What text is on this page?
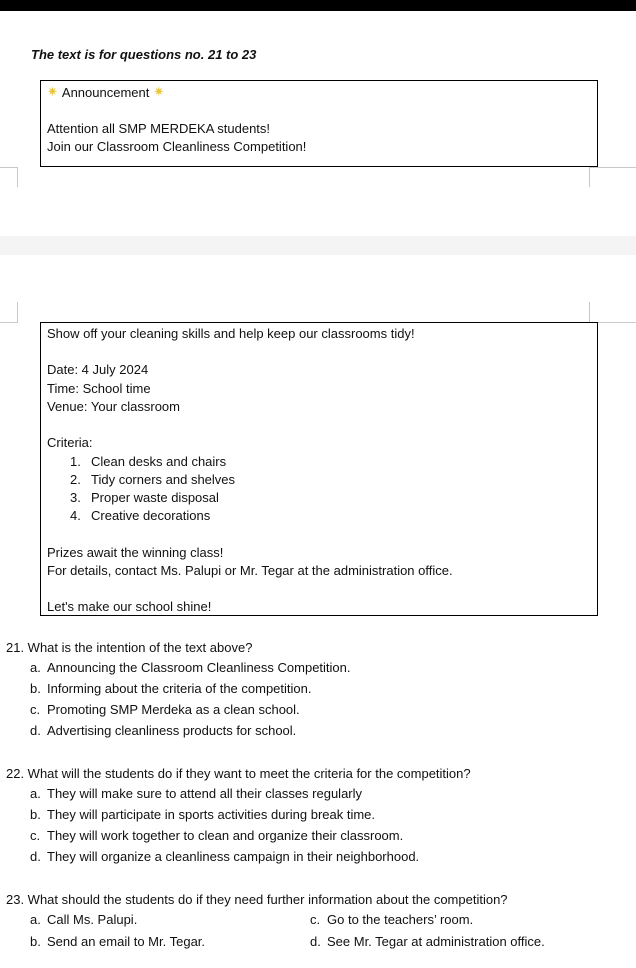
The text is for questions no. 21 to 23
✷ Announcement ✷
Attention all SMP MERDEKA students!
Join our Classroom Cleanliness Competition!
Show off your cleaning skills and help keep our classrooms tidy!
Date: 4 July 2024
Time: School time
Venue: Your classroom
Criteria:
1. Clean desks and chairs
2. Tidy corners and shelves
3. Proper waste disposal
4. Creative decorations
Prizes await the winning class!
For details, contact Ms. Palupi or Mr. Tegar at the administration office.
Let's make our school shine!
21. What is the intention of the text above?
a. Announcing the Classroom Cleanliness Competition.
b. Informing about the criteria of the competition.
c. Promoting SMP Merdeka as a clean school.
d. Advertising cleanliness products for school.
22. What will the students do if they want to meet the criteria for the competition?
a. They will make sure to attend all their classes regularly
b. They will participate in sports activities during break time.
c. They will work together to clean and organize their classroom.
d. They will organize a cleanliness campaign in their neighborhood.
23. What should the students do if they need further information about the competition?
a. Call Ms. Palupi.	c. Go to the teachers’ room.
b. Send an email to Mr. Tegar.	d. See Mr. Tegar at administration office.
